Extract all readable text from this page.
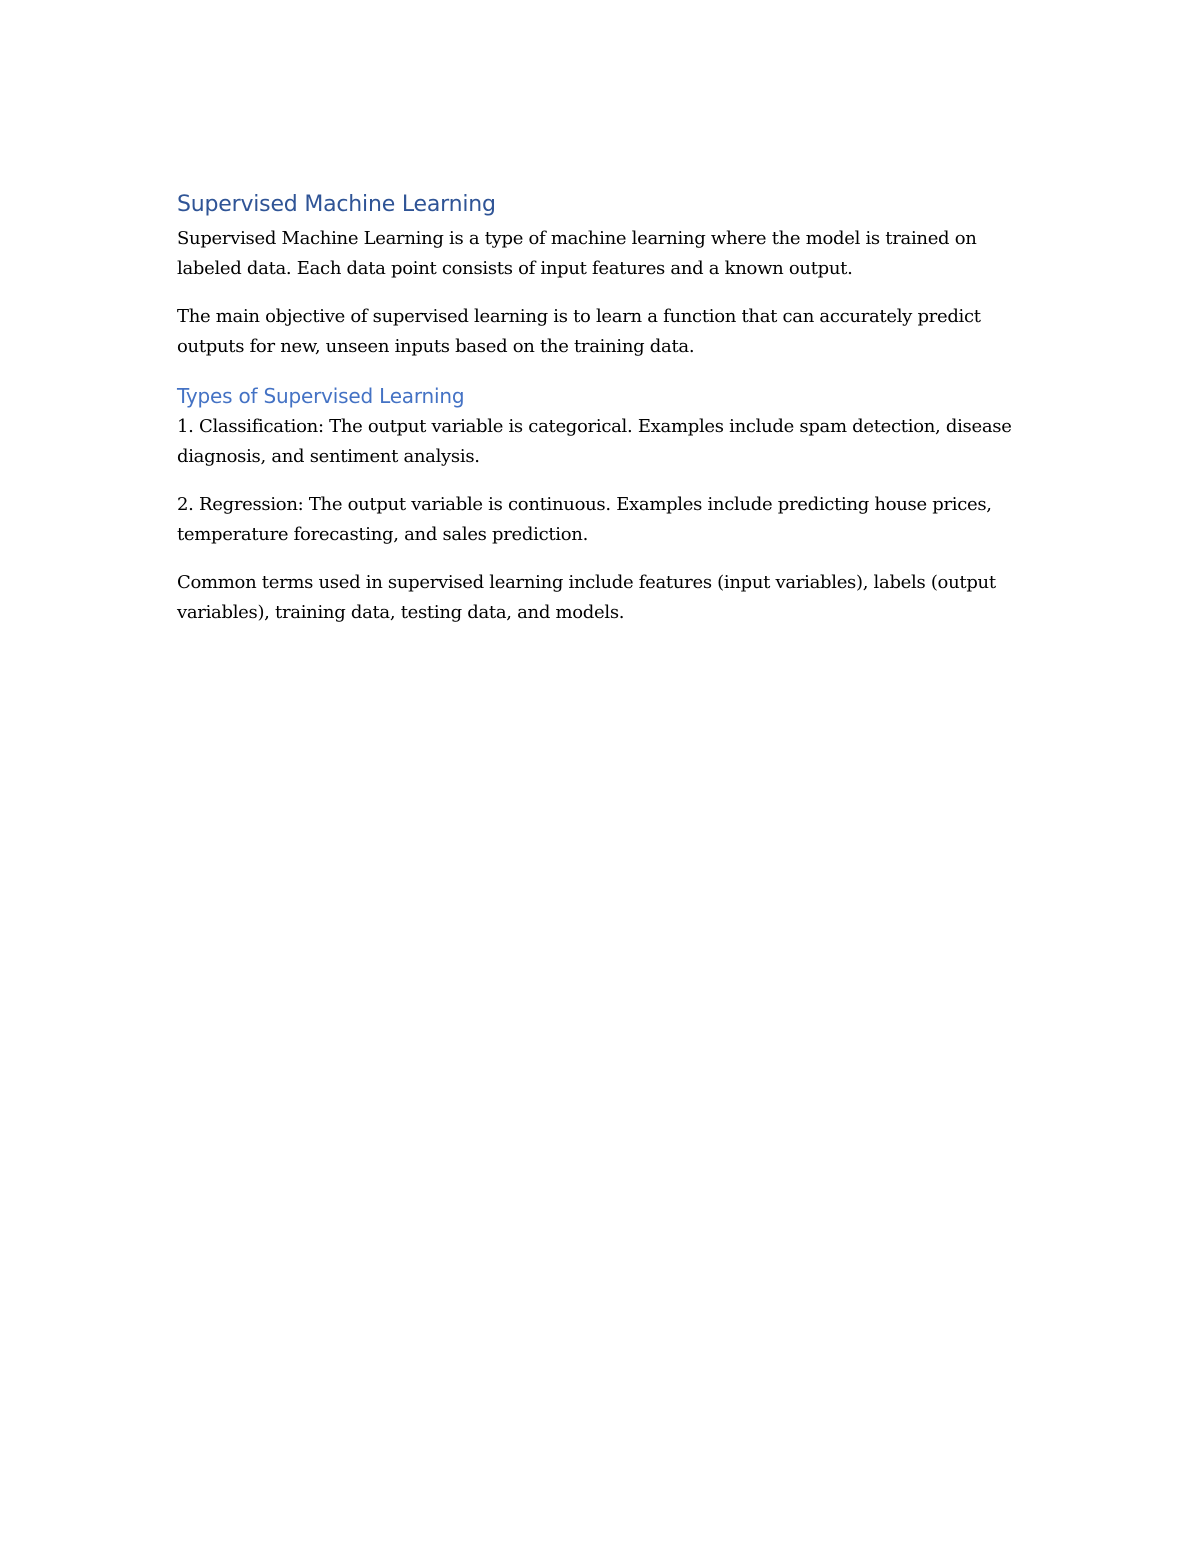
Supervised Machine Learning

Supervised Machine Learning is a type of machine learning where the model is trained on labeled data. Each data point consists of input features and a known output.

The main objective of supervised learning is to learn a function that can accurately predict outputs for new, unseen inputs based on the training data.

Types of Supervised Learning

1. Classification: The output variable is categorical. Examples include spam detection, disease diagnosis, and sentiment analysis.

2. Regression: The output variable is continuous. Examples include predicting house prices, temperature forecasting, and sales prediction.

Common terms used in supervised learning include features (input variables), labels (output variables), training data, testing data, and models.
